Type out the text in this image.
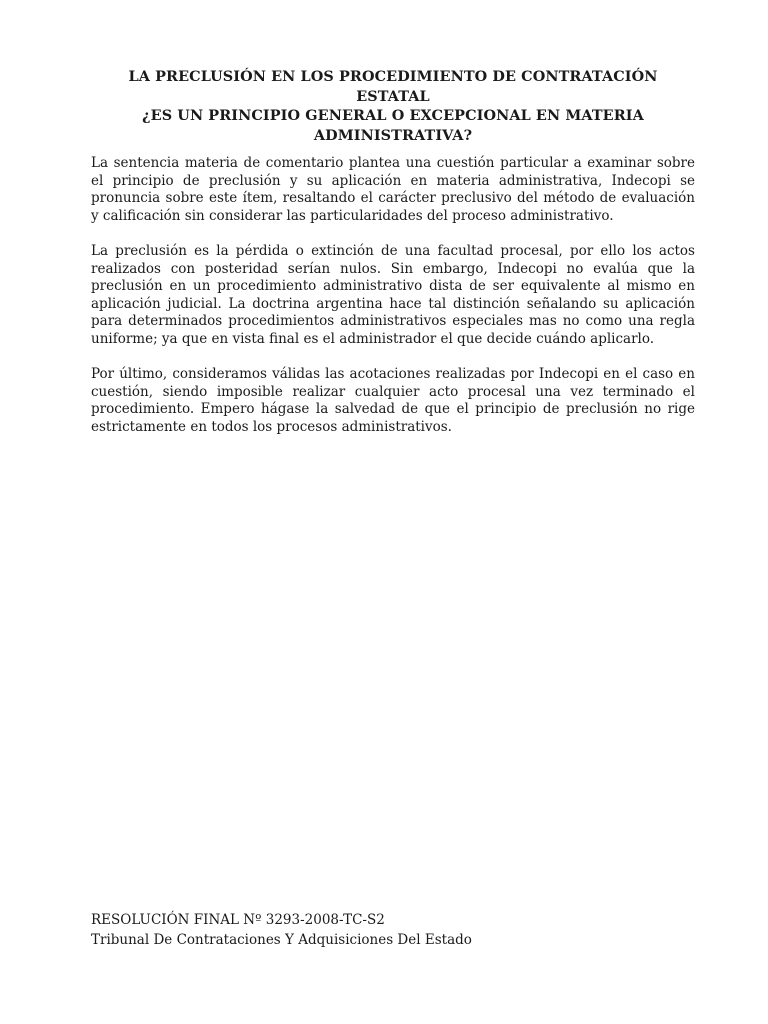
LA PRECLUSIÓN EN LOS PROCEDIMIENTO DE CONTRATACIÓN ESTATAL
¿ES UN PRINCIPIO GENERAL O EXCEPCIONAL EN MATERIA
ADMINISTRATIVA?

La sentencia materia de comentario plantea una cuestión particular a examinar sobre el principio de preclusión y su aplicación en materia administrativa, Indecopi se pronuncia sobre este ítem, resaltando el carácter preclusivo del método de evaluación y calificación sin considerar las particularidades del proceso administrativo.

La preclusión es la pérdida o extinción de una facultad procesal, por ello los actos realizados con posteridad serían nulos. Sin embargo, Indecopi no evalúa que la preclusión en un procedimiento administrativo dista de ser equivalente al mismo en aplicación judicial. La doctrina argentina hace tal distinción señalando su aplicación para determinados procedimientos administrativos especiales mas no como una regla uniforme; ya que en vista final es el administrador el que decide cuándo aplicarlo.

Por último, consideramos válidas las acotaciones realizadas por Indecopi en el caso en cuestión, siendo imposible realizar cualquier acto procesal una vez terminado el procedimiento. Empero hágase la salvedad de que el principio de preclusión no rige estrictamente en todos los procesos administrativos.

RESOLUCIÓN FINAL Nº 3293-2008-TC-S2
Tribunal De Contrataciones Y Adquisiciones Del Estado
